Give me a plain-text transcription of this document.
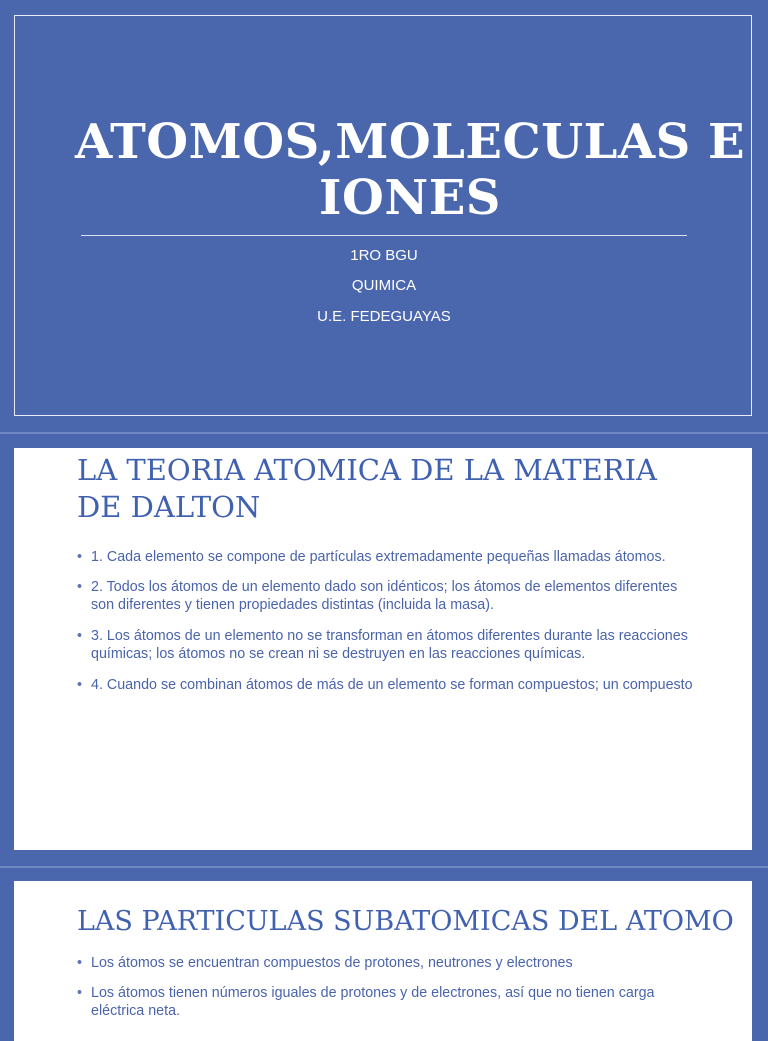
ATOMOS,MOLECULAS E IONES
1RO BGU
QUIMICA
U.E. FEDEGUAYAS
LA TEORIA ATOMICA DE LA MATERIA DE DALTON
• 1. Cada elemento se compone de partículas extremadamente pequeñas llamadas átomos.
• 2. Todos los átomos de un elemento dado son idénticos; los átomos de elementos diferentes son diferentes y tienen propiedades distintas (incluida la masa).
• 3. Los átomos de un elemento no se transforman en átomos diferentes durante las reacciones químicas; los átomos no se crean ni se destruyen en las reacciones químicas.
• 4. Cuando se combinan átomos de más de un elemento se forman compuestos; un compuesto
LAS PARTICULAS SUBATOMICAS DEL ATOMO
• Los átomos se encuentran compuestos de protones, neutrones y electrones
• Los átomos tienen números iguales de protones y de electrones, así que no tienen carga eléctrica neta.
